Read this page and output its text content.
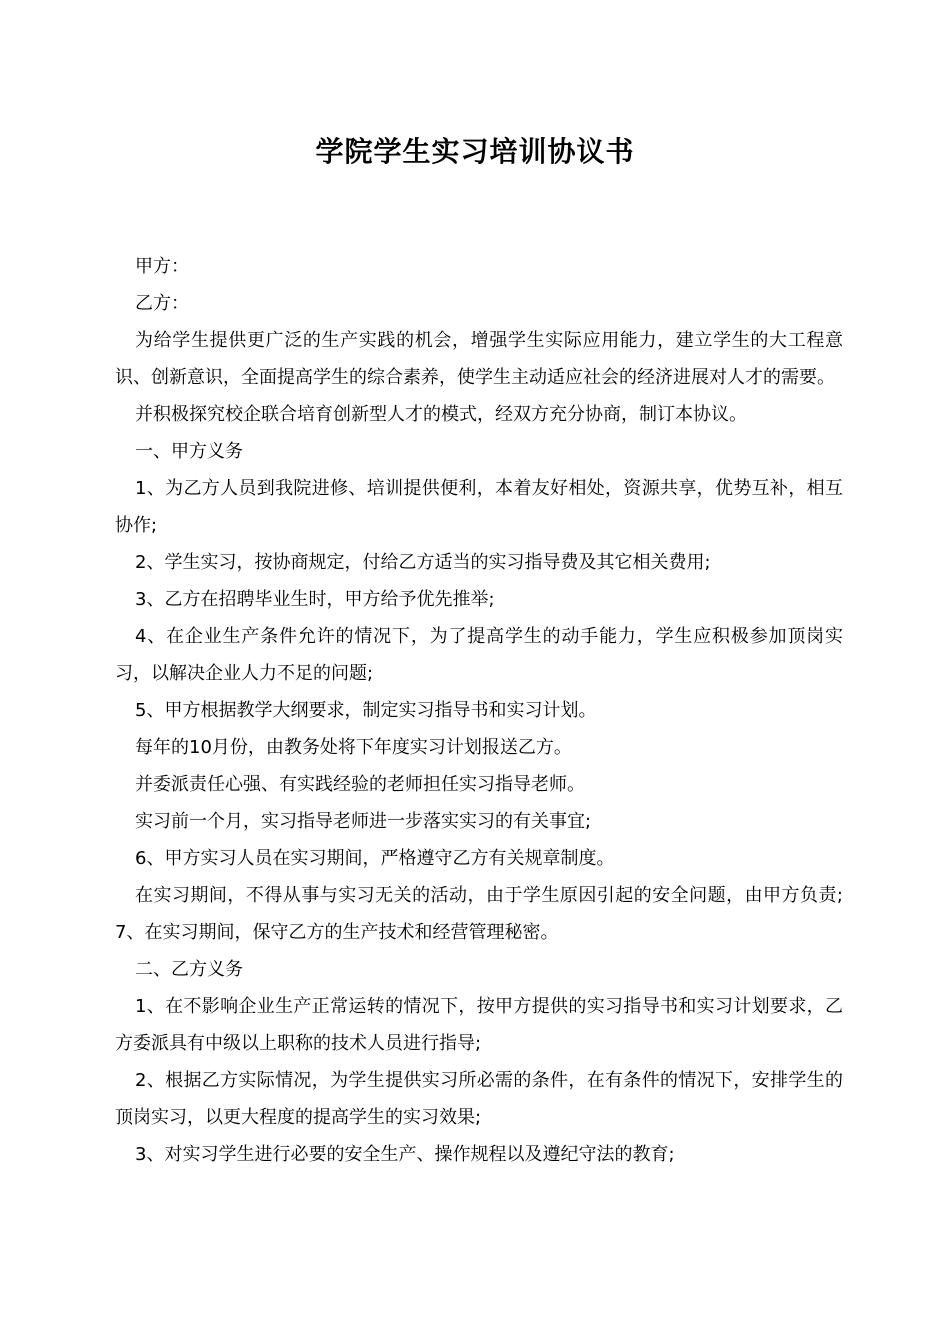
学院学生实习培训协议书

甲方：

乙方：

为给学生提供更广泛的生产实践的机会，增强学生实际应用能力，建立学生的大工程意识、创新意识，全面提高学生的综合素养，使学生主动适应社会的经济进展对人才的需要。

并积极探究校企联合培育创新型人才的模式，经双方充分协商，制订本协议。

一、甲方义务

1、为乙方人员到我院进修、培训提供便利，本着友好相处，资源共享，优势互补，相互协作;

2、学生实习，按协商规定，付给乙方适当的实习指导费及其它相关费用;

3、乙方在招聘毕业生时，甲方给予优先推举;

4、在企业生产条件允许的情况下，为了提高学生的动手能力，学生应积极参加顶岗实习，以解决企业人力不足的问题;

5、甲方根据教学大纲要求，制定实习指导书和实习计划。

每年的10月份，由教务处将下年度实习计划报送乙方。

并委派责任心强、有实践经验的老师担任实习指导老师。

实习前一个月，实习指导老师进一步落实实习的有关事宜;

6、甲方实习人员在实习期间，严格遵守乙方有关规章制度。

在实习期间，不得从事与实习无关的活动，由于学生原因引起的安全问题，由甲方负责;7、在实习期间，保守乙方的生产技术和经营管理秘密。

二、乙方义务

1、在不影响企业生产正常运转的情况下，按甲方提供的实习指导书和实习计划要求，乙方委派具有中级以上职称的技术人员进行指导;

2、根据乙方实际情况，为学生提供实习所必需的条件，在有条件的情况下，安排学生的顶岗实习，以更大程度的提高学生的实习效果;

3、对实习学生进行必要的安全生产、操作规程以及遵纪守法的教育;
